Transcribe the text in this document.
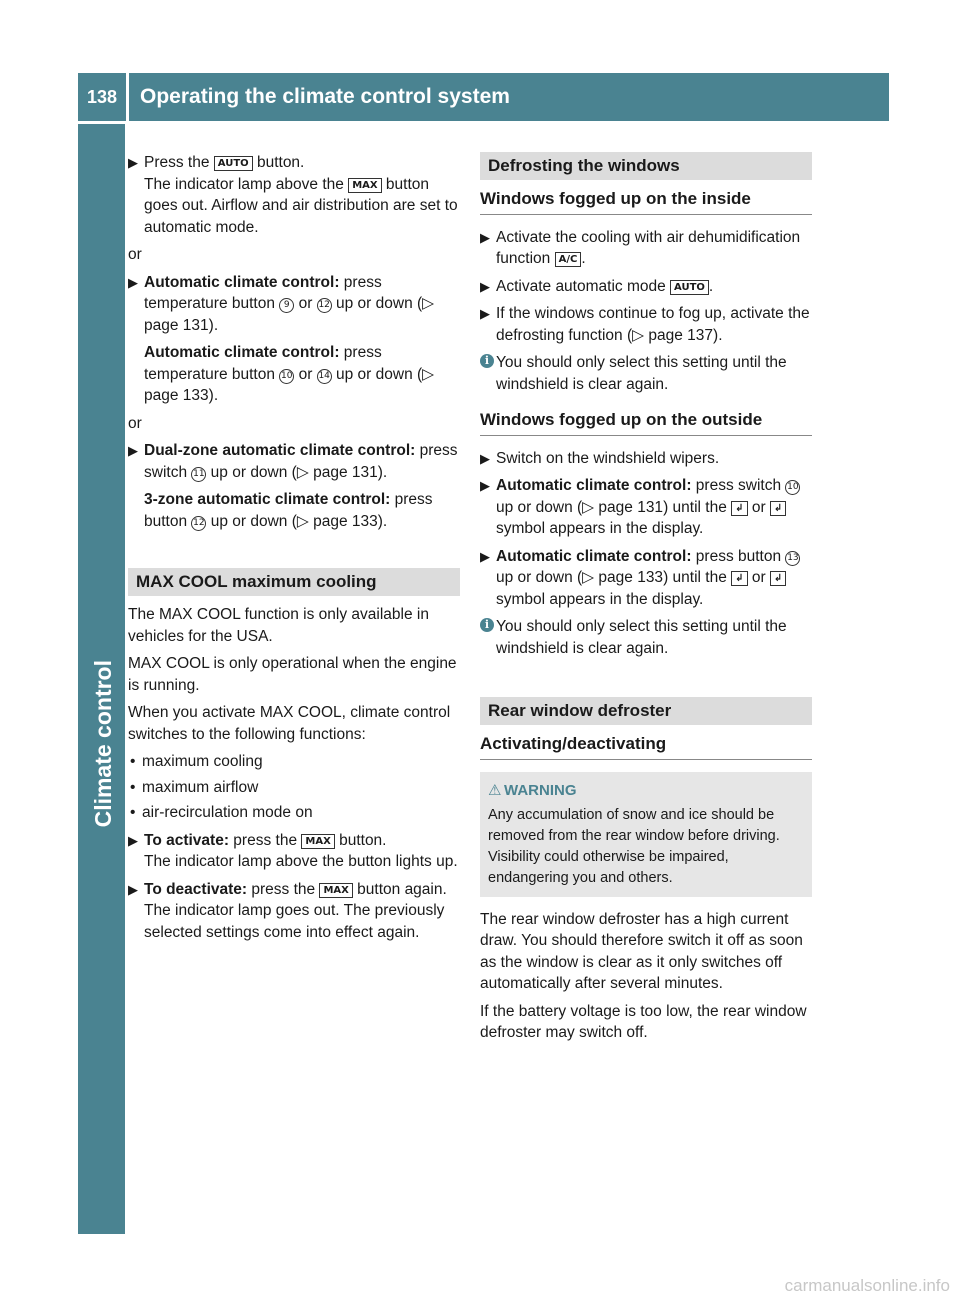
138	Operating the climate control system
Climate control
▶ Press the AUTO button.
The indicator lamp above the MAX button goes out. Airflow and air distribution are set to automatic mode.
or
▶ Automatic climate control: press temperature button 9 or 12 up or down (▷ page 131).
Automatic climate control: press temperature button 10 or 14 up or down (▷ page 133).
or
▶ Dual-zone automatic climate control: press switch 11 up or down (▷ page 131).
3-zone automatic climate control: press button 12 up or down (▷ page 133).
MAX COOL maximum cooling
The MAX COOL function is only available in vehicles for the USA.
MAX COOL is only operational when the engine is running.
When you activate MAX COOL, climate control switches to the following functions:
• maximum cooling
• maximum airflow
• air-recirculation mode on
▶ To activate: press the MAX button.
The indicator lamp above the button lights up.
▶ To deactivate: press the MAX button again.
The indicator lamp goes out. The previously selected settings come into effect again.
Defrosting the windows
Windows fogged up on the inside
▶ Activate the cooling with air dehumidification function A/C .
▶ Activate automatic mode AUTO .
▶ If the windows continue to fog up, activate the defrosting function (▷ page 137).
i You should only select this setting until the windshield is clear again.
Windows fogged up on the outside
▶ Switch on the windshield wipers.
▶ Automatic climate control: press switch 10 up or down (▷ page 131) until the ↲ or ↲ symbol appears in the display.
▶ Automatic climate control: press button 13 up or down (▷ page 133) until the ↲ or ↲ symbol appears in the display.
i You should only select this setting until the windshield is clear again.
Rear window defroster
Activating/deactivating
⚠ WARNING
Any accumulation of snow and ice should be removed from the rear window before driving. Visibility could otherwise be impaired, endangering you and others.
The rear window defroster has a high current draw. You should therefore switch it off as soon as the window is clear as it only switches off automatically after several minutes.
If the battery voltage is too low, the rear window defroster may switch off.
carmanualsonline.info
